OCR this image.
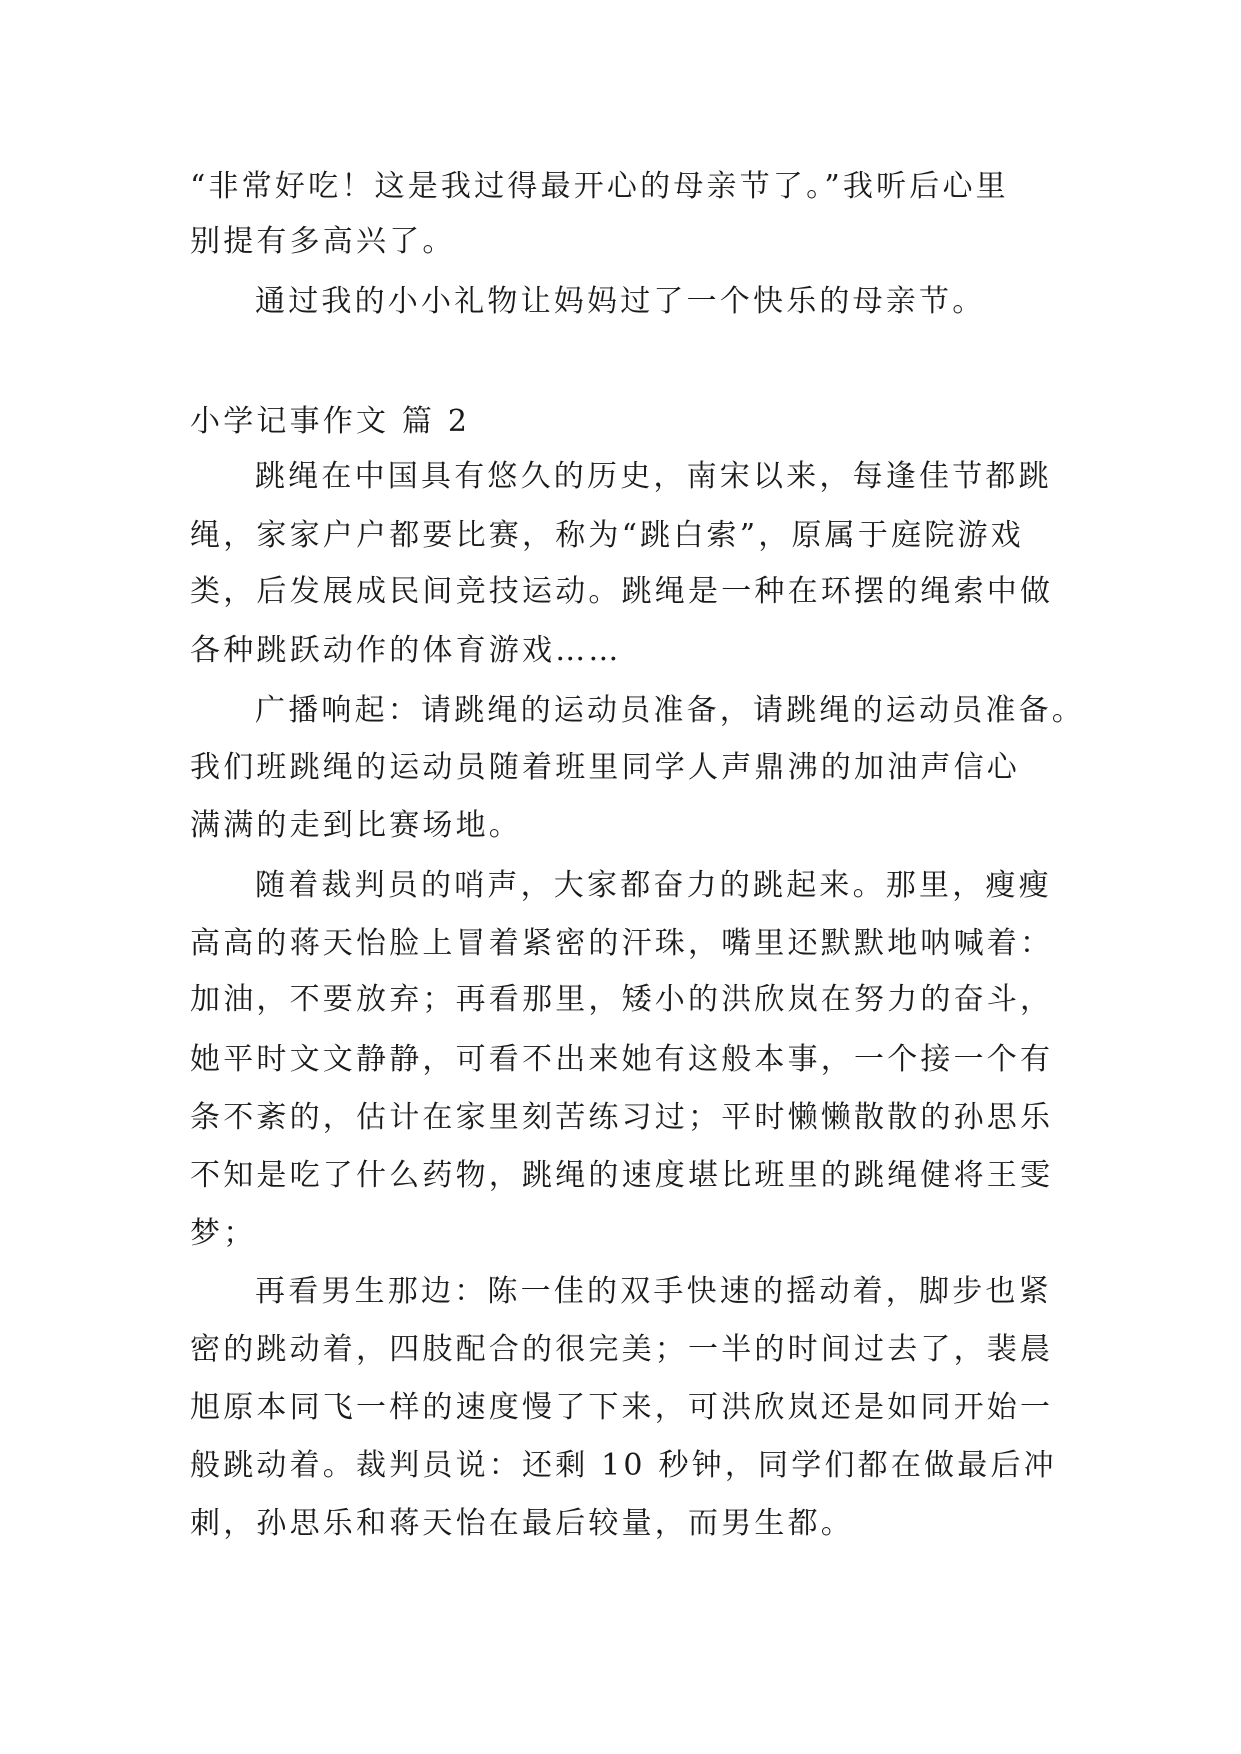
“非常好吃！这是我过得最开心的母亲节了。”我听后心里
别提有多高兴了。
通过我的小小礼物让妈妈过了一个快乐的母亲节。
小学记事作文 篇 2
跳绳在中国具有悠久的历史，南宋以来，每逢佳节都跳
绳，家家户户都要比赛，称为“跳白索”，原属于庭院游戏
类，后发展成民间竞技运动。跳绳是一种在环摆的绳索中做
各种跳跃动作的体育游戏……
广播响起：请跳绳的运动员准备，请跳绳的运动员准备。
我们班跳绳的运动员随着班里同学人声鼎沸的加油声信心
满满的走到比赛场地。
随着裁判员的哨声，大家都奋力的跳起来。那里，瘦瘦
高高的蒋天怡脸上冒着紧密的汗珠，嘴里还默默地呐喊着：
加油，不要放弃；再看那里，矮小的洪欣岚在努力的奋斗，
她平时文文静静，可看不出来她有这般本事，一个接一个有
条不紊的，估计在家里刻苦练习过；平时懒懒散散的孙思乐
不知是吃了什么药物，跳绳的速度堪比班里的跳绳健将王雯
梦；
再看男生那边：陈一佳的双手快速的摇动着，脚步也紧
密的跳动着，四肢配合的很完美；一半的时间过去了，裴晨
旭原本同飞一样的速度慢了下来，可洪欣岚还是如同开始一
般跳动着。裁判员说：还剩 10 秒钟，同学们都在做最后冲
刺，孙思乐和蒋天怡在最后较量，而男生都。
